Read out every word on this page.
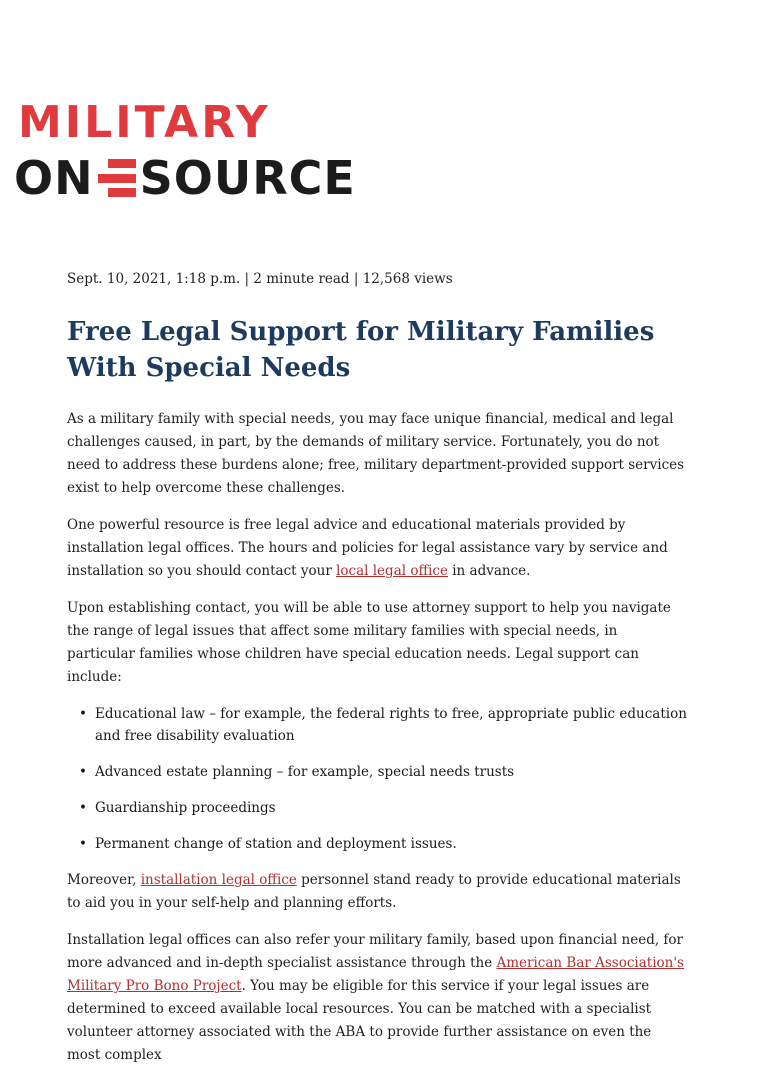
MILITARY
ON SOURCE

Sept. 10, 2021, 1:18 p.m. | 2 minute read | 12,568 views

Free Legal Support for Military Families With Special Needs

As a military family with special needs, you may face unique financial, medical and legal challenges caused, in part, by the demands of military service. Fortunately, you do not need to address these burdens alone; free, military department-provided support services exist to help overcome these challenges.

One powerful resource is free legal advice and educational materials provided by installation legal offices. The hours and policies for legal assistance vary by service and installation so you should contact your local legal office in advance.

Upon establishing contact, you will be able to use attorney support to help you navigate the range of legal issues that affect some military families with special needs, in particular families whose children have special education needs. Legal support can include:

• Educational law – for example, the federal rights to free, appropriate public education and free disability evaluation
• Advanced estate planning – for example, special needs trusts
• Guardianship proceedings
• Permanent change of station and deployment issues.

Moreover, installation legal office personnel stand ready to provide educational materials to aid you in your self-help and planning efforts.

Installation legal offices can also refer your military family, based upon financial need, for more advanced and in-depth specialist assistance through the American Bar Association's Military Pro Bono Project. You may be eligible for this service if your legal issues are determined to exceed available local resources. You can be matched with a specialist volunteer attorney associated with the ABA to provide further assistance on even the most complex
